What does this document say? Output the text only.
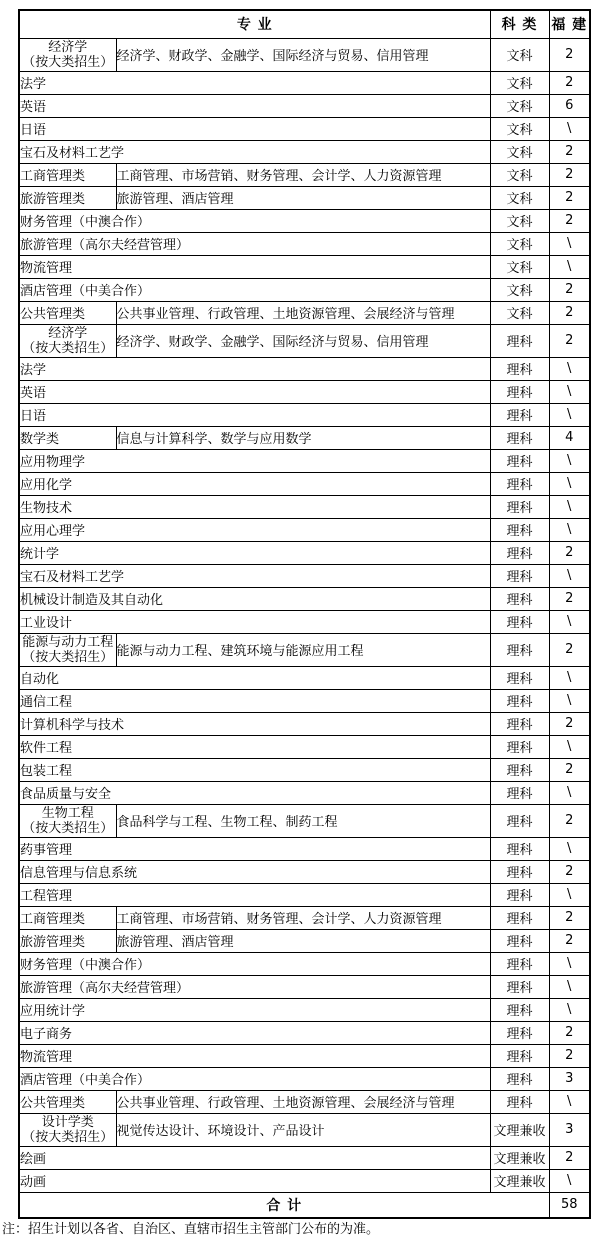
专 业		科 类	福 建

经济学
（按大类招生）	经济学、财政学、金融学、国际经济与贸易、信用管理	文科	2
法学		文科	2
英语		文科	6
日语		文科	\
宝石及材料工艺学		文科	2
工商管理类	工商管理、市场营销、财务管理、会计学、人力资源管理	文科	2
旅游管理类	旅游管理、酒店管理	文科	2
财务管理（中澳合作）		文科	2
旅游管理（高尔夫经营管理）		文科	\
物流管理		文科	\
酒店管理（中美合作）		文科	2
公共管理类	公共事业管理、行政管理、土地资源管理、会展经济与管理	文科	2

经济学
（按大类招生）	经济学、财政学、金融学、国际经济与贸易、信用管理	理科	2
法学		理科	\
英语		理科	\
日语		理科	\
数学类	信息与计算科学、数学与应用数学	理科	4
应用物理学		理科	\
应用化学		理科	\
生物技术		理科	\
应用心理学		理科	\
统计学		理科	2
宝石及材料工艺学		理科	\
机械设计制造及其自动化		理科	2
工业设计		理科	\

能源与动力工程
（按大类招生）	能源与动力工程、建筑环境与能源应用工程	理科	2
自动化		理科	\
通信工程		理科	\
计算机科学与技术		理科	2
软件工程		理科	\
包装工程		理科	2
食品质量与安全		理科	\

生物工程
（按大类招生）	食品科学与工程、生物工程、制药工程	理科	2
药事管理		理科	\
信息管理与信息系统		理科	2
工程管理		理科	\
工商管理类	工商管理、市场营销、财务管理、会计学、人力资源管理	理科	2
旅游管理类	旅游管理、酒店管理	理科	2
财务管理（中澳合作）		理科	\
旅游管理（高尔夫经营管理）		理科	\
应用统计学		理科	\
电子商务		理科	2
物流管理		理科	2
酒店管理（中美合作）		理科	3
公共管理类	公共事业管理、行政管理、土地资源管理、会展经济与管理	理科	\

设计学类
（按大类招生）	视觉传达设计、环境设计、产品设计	文理兼收	3
绘画		文理兼收	2
动画		文理兼收	\
合 计			58
注：招生计划以各省、自治区、直辖市招生主管部门公布的为准。
